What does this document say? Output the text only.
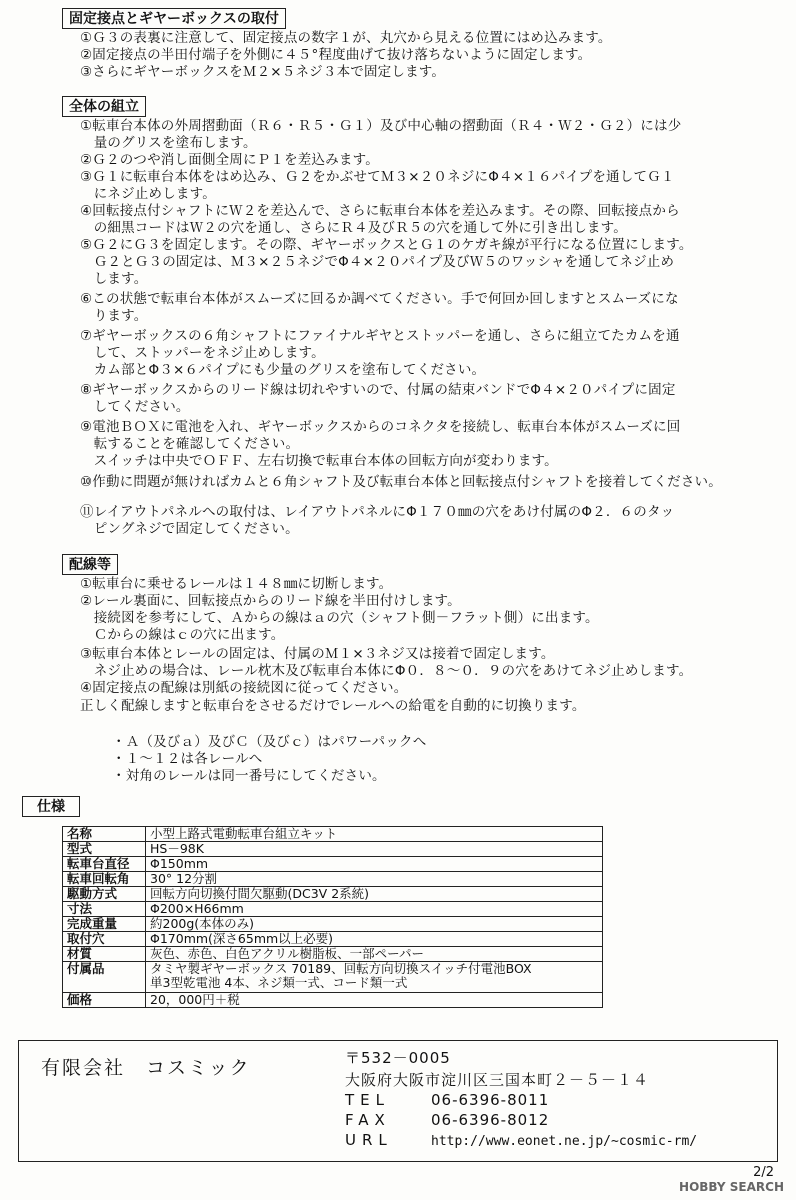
固定接点とギヤーボックスの取付
①Ｇ３の表裏に注意して、固定接点の数字１が、丸穴から見える位置にはめ込みます。
②固定接点の半田付端子を外側に４５°程度曲げて抜け落ちないように固定します。
③さらにギヤーボックスをＭ２×５ネジ３本で固定します。
全体の組立
①転車台本体の外周摺動面（Ｒ６・Ｒ５・Ｇ１）及び中心軸の摺動面（Ｒ４・Ｗ２・Ｇ２）には少
　量のグリスを塗布します。
②Ｇ２のつや消し面側全周にＰ１を差込みます。
③Ｇ１に転車台本体をはめ込み、Ｇ２をかぶせてＭ３×２０ネジにΦ４×１６パイプを通してＧ１
　にネジ止めします。
④回転接点付シャフトにＷ２を差込んで、さらに転車台本体を差込みます。その際、回転接点から
　の細黒コードはＷ２の穴を通し、さらにＲ４及びＲ５の穴を通して外に引き出します。
⑤Ｇ２にＧ３を固定します。その際、ギヤーボックスとＧ１のケガキ線が平行になる位置にします。
　Ｇ２とＧ３の固定は、Ｍ３×２５ネジでΦ４×２０パイプ及びＷ５のワッシャを通してネジ止め
　します。
⑥この状態で転車台本体がスムーズに回るか調べてください。手で何回か回しますとスムーズにな
　ります。
⑦ギヤーボックスの６角シャフトにファイナルギヤとストッパーを通し、さらに組立てたカムを通
　して、ストッパーをネジ止めします。
　カム部とΦ３×６パイプにも少量のグリスを塗布してください。
⑧ギヤーボックスからのリード線は切れやすいので、付属の結束バンドでΦ４×２０パイプに固定
　してください。
⑨電池ＢＯＸに電池を入れ、ギヤーボックスからのコネクタを接続し、転車台本体がスムーズに回
　転することを確認してください。
　スイッチは中央でＯＦＦ、左右切換で転車台本体の回転方向が変わります。
⑩作動に問題が無ければカムと６角シャフト及び転車台本体と回転接点付シャフトを接着してください。
⑪レイアウトパネルへの取付は、レイアウトパネルにΦ１７０㎜の穴をあけ付属のΦ２．６のタッ
　ピングネジで固定してください。
配線等
①転車台に乗せるレールは１４８㎜に切断します。
②レール裏面に、回転接点からのリード線を半田付けします。
　接続図を参考にして、Ａからの線はａの穴（シャフト側－フラット側）に出ます。
　Ｃからの線はｃの穴に出ます。
③転車台本体とレールの固定は、付属のＭ１×３ネジ又は接着で固定します。
　ネジ止めの場合は、レール枕木及び転車台本体にΦ０．８～０．９の穴をあけてネジ止めします。
④固定接点の配線は別紙の接続図に従ってください。
正しく配線しますと転車台をさせるだけでレールへの給電を自動的に切換ります。
・Ａ（及びａ）及びＣ（及びｃ）はパワーパックへ
・１～１２は各レールへ
・対角のレールは同一番号にしてください。
仕様
名称	小型上路式電動転車台組立キット
型式	HS－98K
転車台直径	Φ150mm
転車回転角	30° 12分割
駆動方式	回転方向切換付間欠駆動(DC3V 2系統)
寸法	Φ200×H66mm
完成重量	約200g(本体のみ)
取付穴	Φ170mm(深さ65mm以上必要)
材質	灰色、赤色、白色アクリル樹脂板、一部ペーパー
付属品	タミヤ製ギヤーボックス 70189、回転方向切換スイッチ付電池BOX
単3型乾電池 4本、ネジ類一式、コード類一式

価格	20，000円＋税
有限会社　コスミック	〒532－0005
大阪府大阪市淀川区三国本町２－５－１４
TEL	06-6396-8011
FAX	06-6396-8012
URL	http://www.eonet.ne.jp/~cosmic-rm/
2/2
HOBBY SEARCH
